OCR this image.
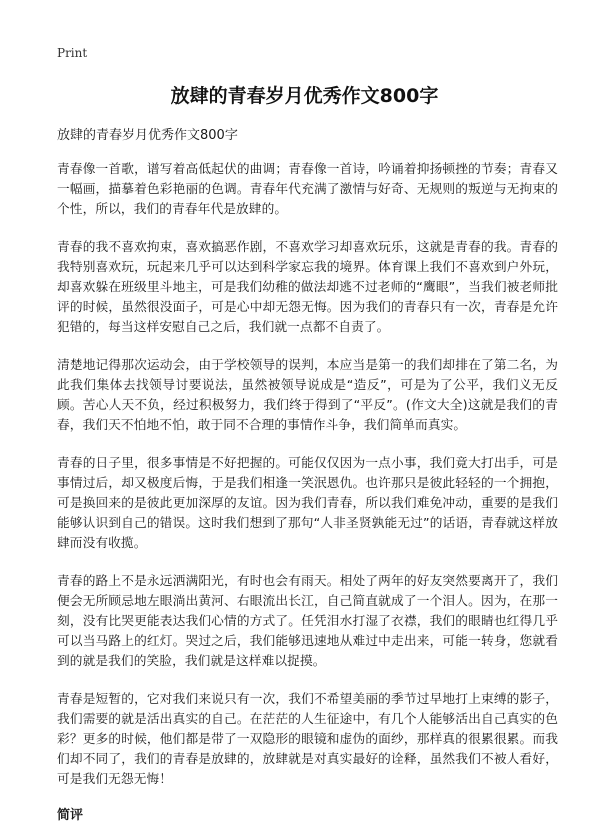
Print
放肆的青春岁月优秀作文800字

放肆的青春岁月优秀作文800字

青春像一首歌，谱写着高低起伏的曲调；青春像一首诗，吟诵着抑扬顿挫的节奏；青春又一幅画，描摹着色彩艳丽的色调。青春年代充满了激情与好奇、无规则的叛逆与无拘束的个性，所以，我们的青春年代是放肆的。

青春的我不喜欢拘束，喜欢搞恶作剧，不喜欢学习却喜欢玩乐，这就是青春的我。青春的我特别喜欢玩，玩起来几乎可以达到科学家忘我的境界。体育课上我们不喜欢到户外玩，却喜欢躲在班级里斗地主，可是我们幼稚的做法却逃不过老师的“鹰眼”，当我们被老师批评的时候，虽然很没面子，可是心中却无怨无悔。因为我们的青春只有一次，青春是允许犯错的，每当这样安慰自己之后，我们就一点都不自责了。

清楚地记得那次运动会，由于学校领导的误判，本应当是第一的我们却排在了第二名，为此我们集体去找领导讨要说法，虽然被领导说成是“造反”，可是为了公平，我们义无反顾。苦心人天不负，经过积极努力，我们终于得到了“平反”。(作文大全)这就是我们的青春，我们天不怕地不怕，敢于同不合理的事情作斗争，我们简单而真实。

青春的日子里，很多事情是不好把握的。可能仅仅因为一点小事，我们竟大打出手，可是事情过后，却又极度后悔，于是我们相逢一笑泯恩仇。也许那只是彼此轻轻的一个拥抱，可是换回来的是彼此更加深厚的友谊。因为我们青春，所以我们难免冲动，重要的是我们能够认识到自己的错误。这时我们想到了那句“人非圣贤孰能无过”的话语，青春就这样放肆而没有收揽。

青春的路上不是永远洒满阳光，有时也会有雨天。相处了两年的好友突然要离开了，我们便会无所顾忌地左眼淌出黄河、右眼流出长江，自己简直就成了一个泪人。因为，在那一刻，没有比哭更能表达我们心情的方式了。任凭泪水打湿了衣襟，我们的眼睛也红得几乎可以当马路上的红灯。哭过之后，我们能够迅速地从难过中走出来，可能一转身，您就看到的就是我们的笑脸，我们就是这样难以捉摸。

青春是短暂的，它对我们来说只有一次，我们不希望美丽的季节过早地打上束缚的影子，我们需要的就是活出真实的自己。在茫茫的人生征途中，有几个人能够活出自己真实的色彩？更多的时候，他们都是带了一双隐形的眼镜和虚伪的面纱，那样真的很累很累。而我们却不同了，我们的青春是放肆的，放肆就是对真实最好的诠释，虽然我们不被人看好，可是我们无怨无悔！

简评
